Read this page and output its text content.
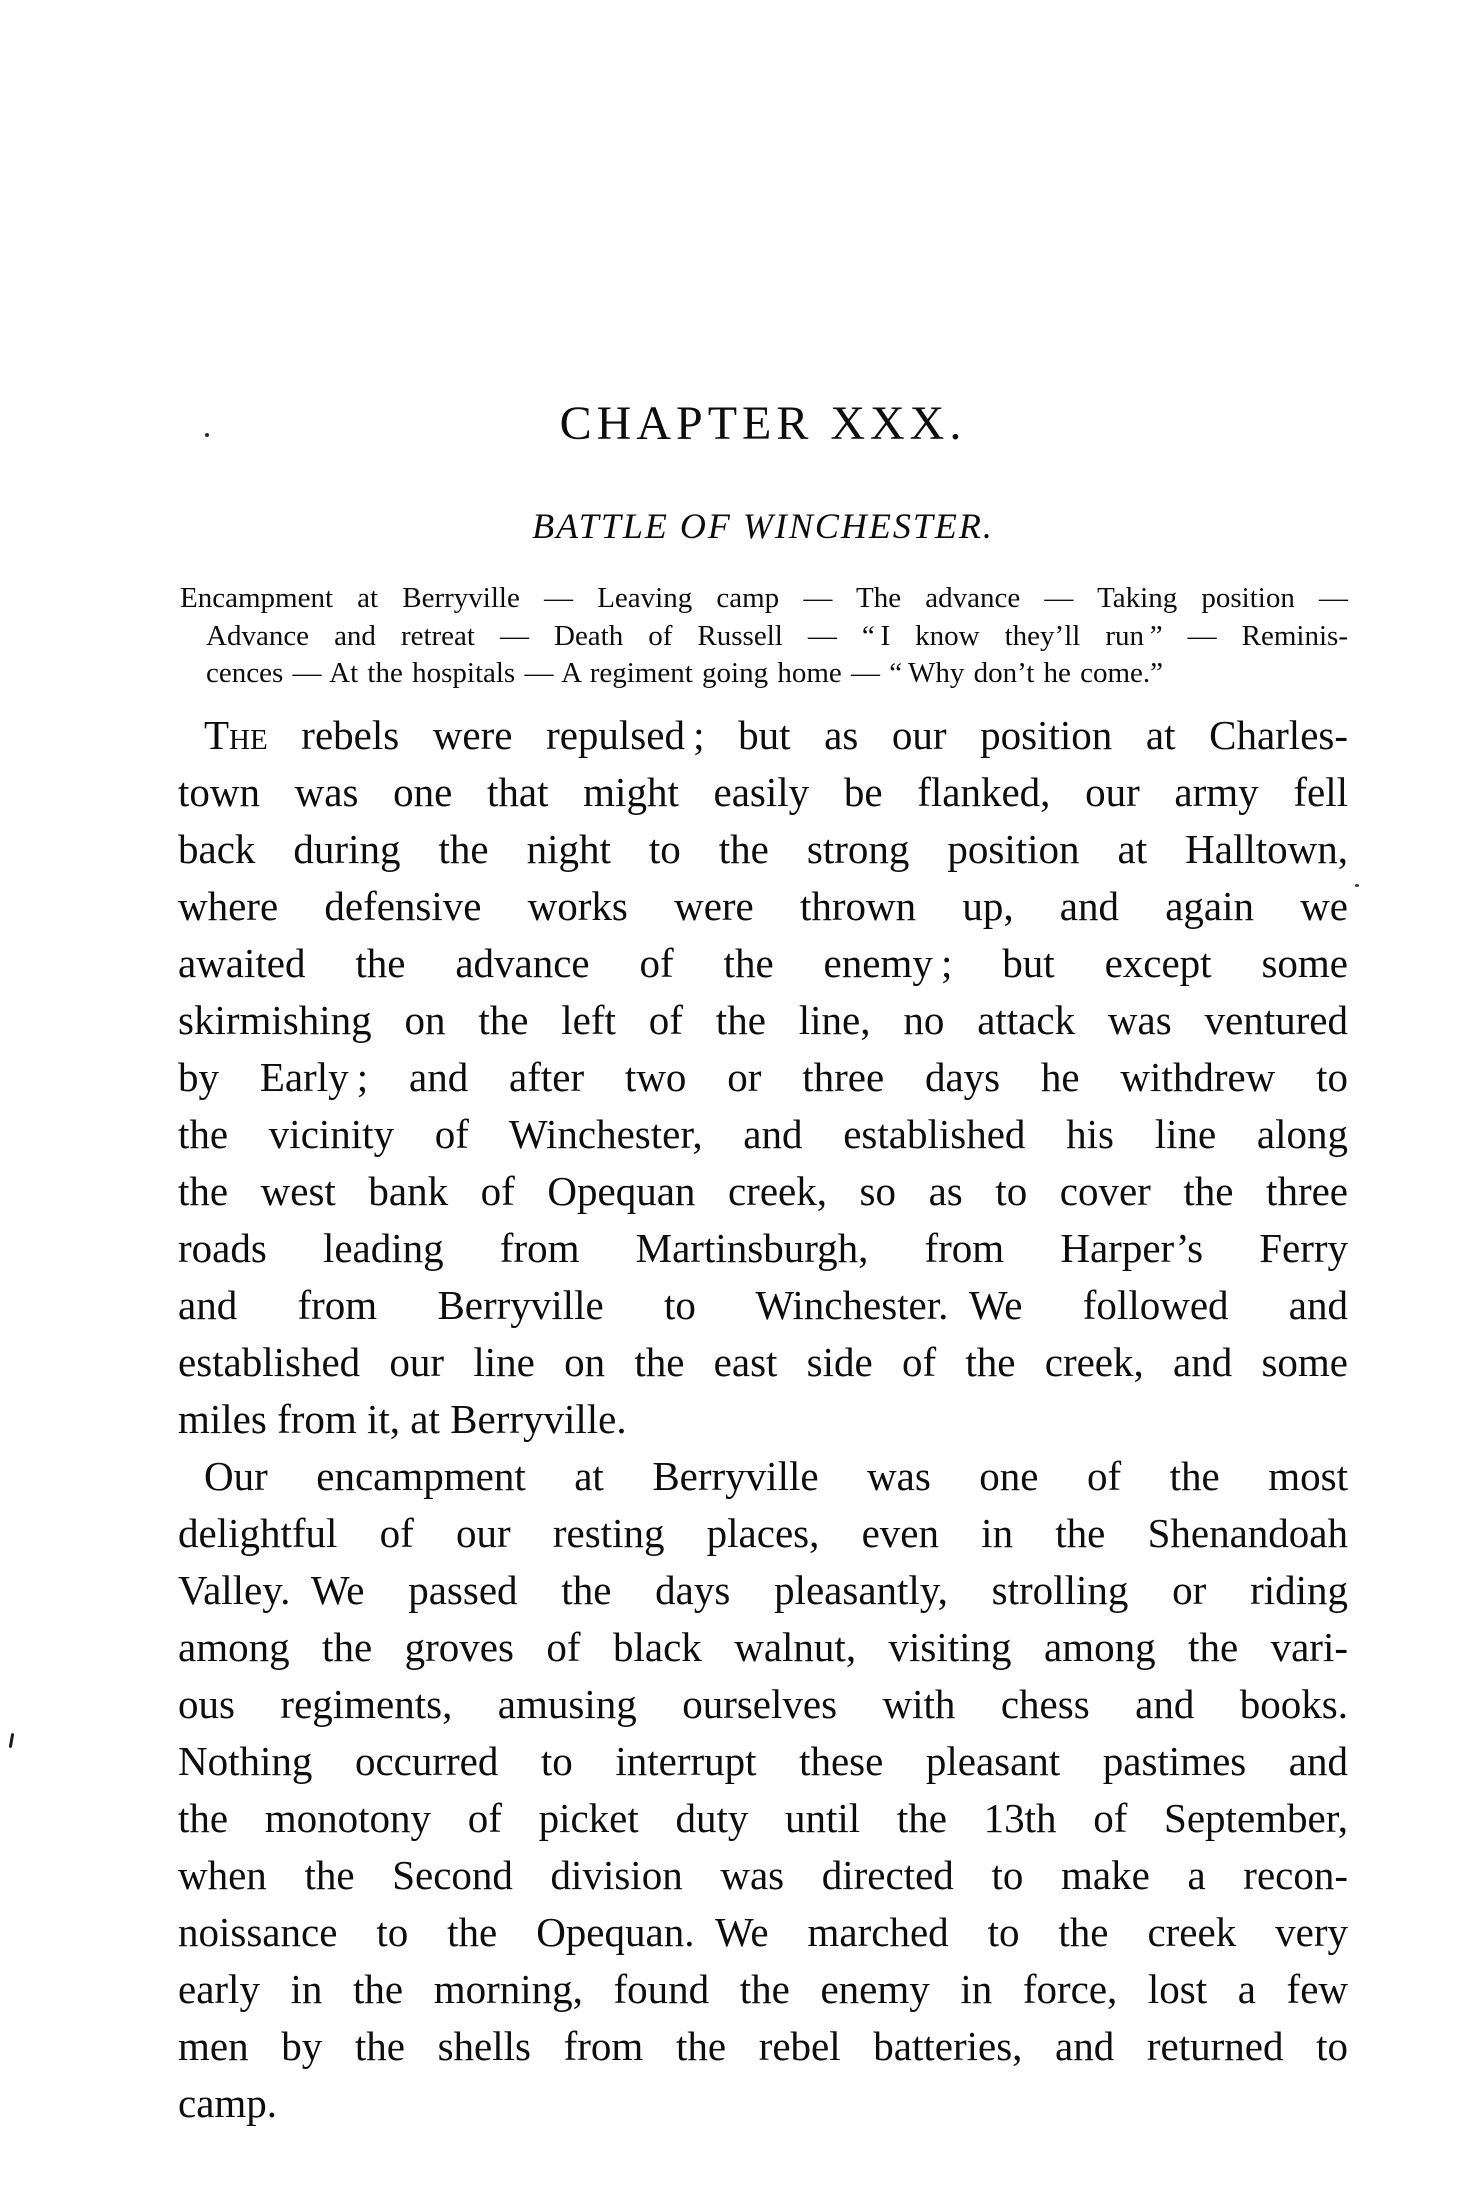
CHAPTER XXX.
BATTLE OF WINCHESTER.
Encampment at Berryville — Leaving camp — The advance — Taking position —
Advance and retreat — Death of Russell — “ I know they’ll run ” — Reminis-
cences — At the hospitals — A regiment going home — “ Why don’t he come.”
The rebels were repulsed ; but as our position at Charles-
town was one that might easily be flanked, our army fell
back during the night to the strong position at Halltown,
where defensive works were thrown up, and again we
awaited the advance of the enemy ; but except some
skirmishing on the left of the line, no attack was ventured
by Early ; and after two or three days he withdrew to
the vicinity of Winchester, and established his line along
the west bank of Opequan creek, so as to cover the three
roads leading from Martinsburgh, from Harper’s Ferry
and from Berryville to Winchester. We followed and
established our line on the east side of the creek, and some
miles from it, at Berryville.
Our encampment at Berryville was one of the most
delightful of our resting places, even in the Shenandoah
Valley. We passed the days pleasantly, strolling or riding
among the groves of black walnut, visiting among the vari-
ous regiments, amusing ourselves with chess and books.
Nothing occurred to interrupt these pleasant pastimes and
the monotony of picket duty until the 13th of September,
when the Second division was directed to make a recon-
noissance to the Opequan. We marched to the creek very
early in the morning, found the enemy in force, lost a few
men by the shells from the rebel batteries, and returned to
camp.
